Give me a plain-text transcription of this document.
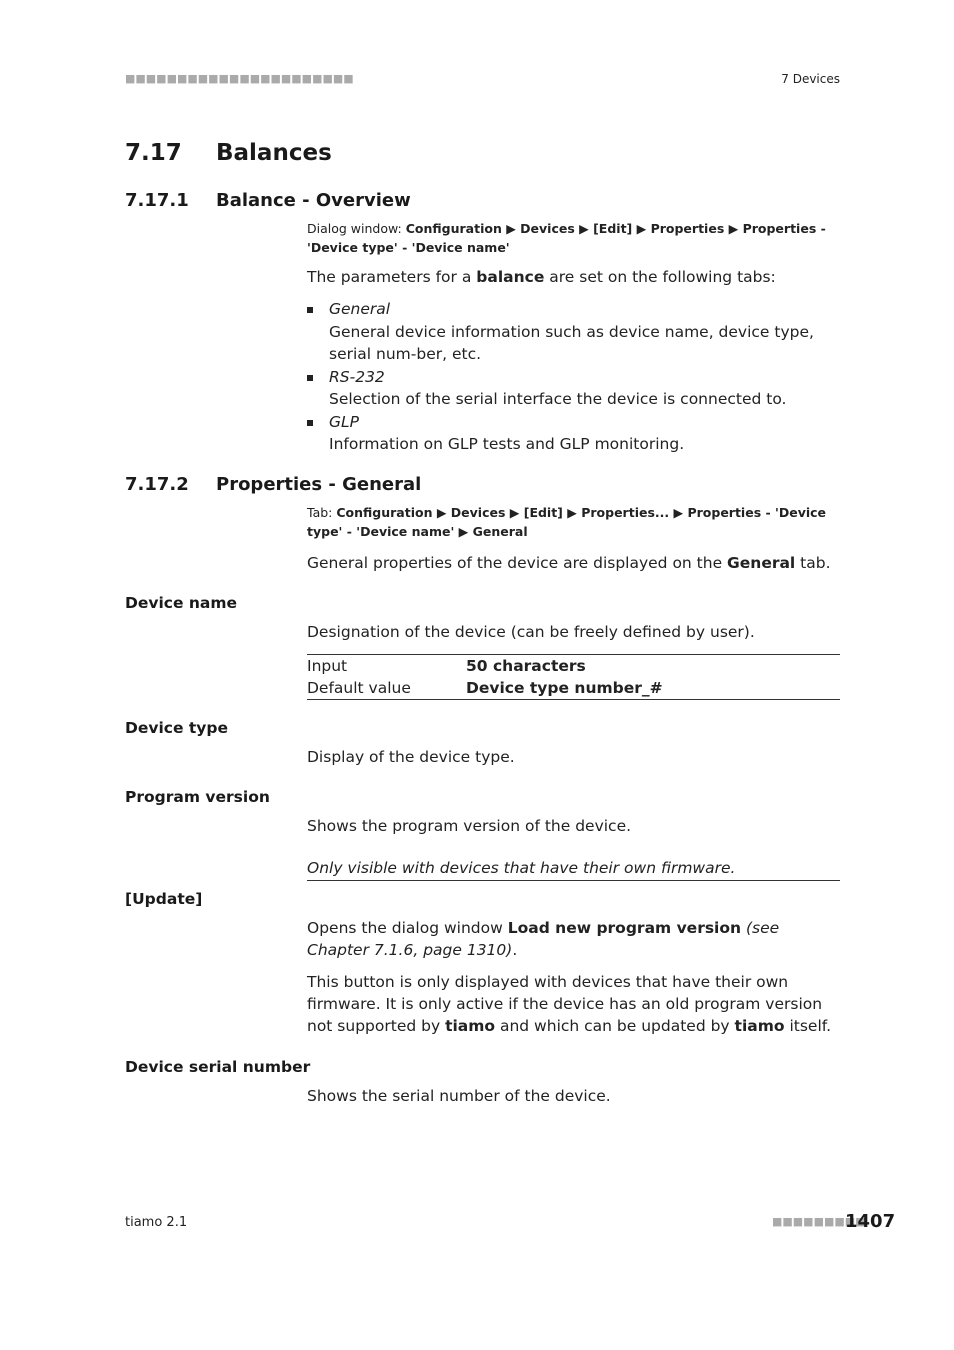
■■■■■■■■■■■■■■■■■■■■■■	7 Devices
7.17 Balances
7.17.1 Balance - Overview
Dialog window: Configuration ▶ Devices ▶ [Edit] ▶ Properties ▶ Properties - 'Device type' - 'Device name'
The parameters for a balance are set on the following tabs:
General
General device information such as device name, device type, serial num-ber, etc.
RS-232
Selection of the serial interface the device is connected to.
GLP
Information on GLP tests and GLP monitoring.
7.17.2 Properties - General
Tab: Configuration ▶ Devices ▶ [Edit] ▶ Properties... ▶ Properties - 'Device type' - 'Device name' ▶ General
General properties of the device are displayed on the General tab.
Device name
Designation of the device (can be freely defined by user).
Input	50 characters
Default value	Device type number_#
Device type
Display of the device type.
Program version
Shows the program version of the device.
Only visible with devices that have their own firmware.
[Update]
Opens the dialog window Load new program version (see Chapter 7.1.6, page 1310).
This button is only displayed with devices that have their own firmware. It is only active if the device has an old program version not supported by tiamo and which can be updated by tiamo itself.
Device serial number
Shows the serial number of the device.
tiamo 2.1	■■■■■■■■■
1407
